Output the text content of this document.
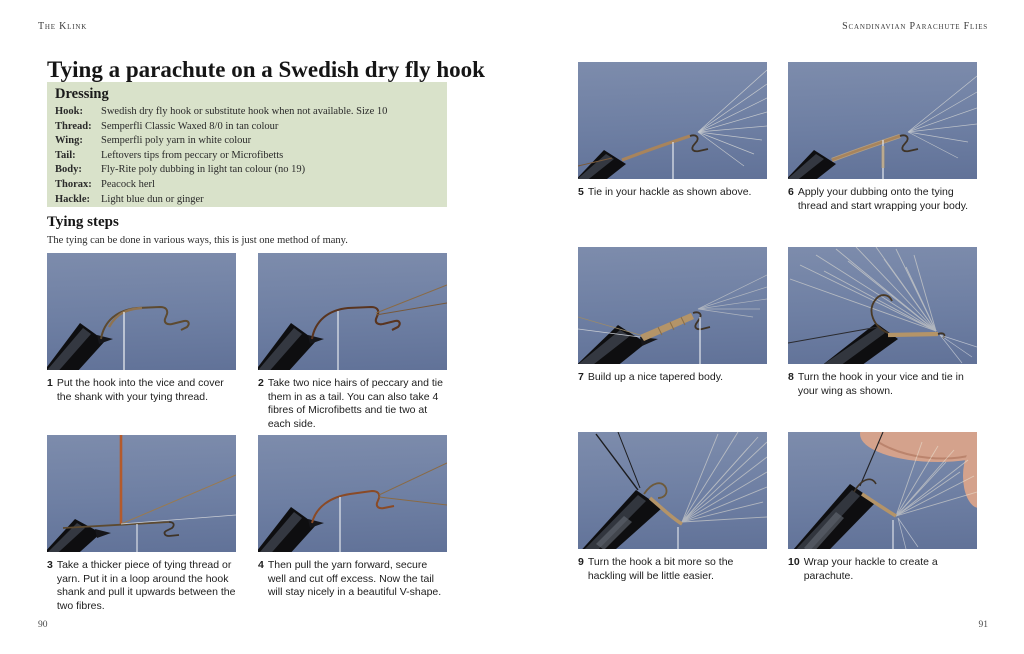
The Klink	Scandinavian Parachute Flies
Tying a parachute on a Swedish dry fly hook
Dressing
Hook:	Swedish dry fly hook or substitute hook when not available. Size 10
Thread: Semperfli Classic Waxed 8/0 in tan colour
Wing:	Semperfli poly yarn in white colour
Tail:	Leftovers tips from peccary or Microfibetts
Body:	Fly-Rite poly dubbing in light tan colour (no 19)
Thorax: Peacock herl
Hackle:	Light blue dun or ginger
Tying steps
The tying can be done in various ways, this is just one method of many.
1 Put the hook into the vice and cover the shank with your tying thread.
2 Take two nice hairs of peccary and tie them in as a tail. You can also take 4 fibres of Microfibetts and tie two at each side.
3 Take a thicker piece of tying thread or yarn. Put it in a loop around the hook shank and pull it upwards between the two fibres.
4 Then pull the yarn forward, secure well and cut off excess. Now the tail will stay nicely in a beautiful V-shape.
5 Tie in your hackle as shown above.	6 Apply your dubbing onto the tying thread and start wrapping your body.
7 Build up a nice tapered body.	8 Turn the hook in your vice and tie in your wing as shown.
9 Turn the hook a bit more so the hackling will be little easier.
10 Wrap your hackle to create a parachute.
90	91
